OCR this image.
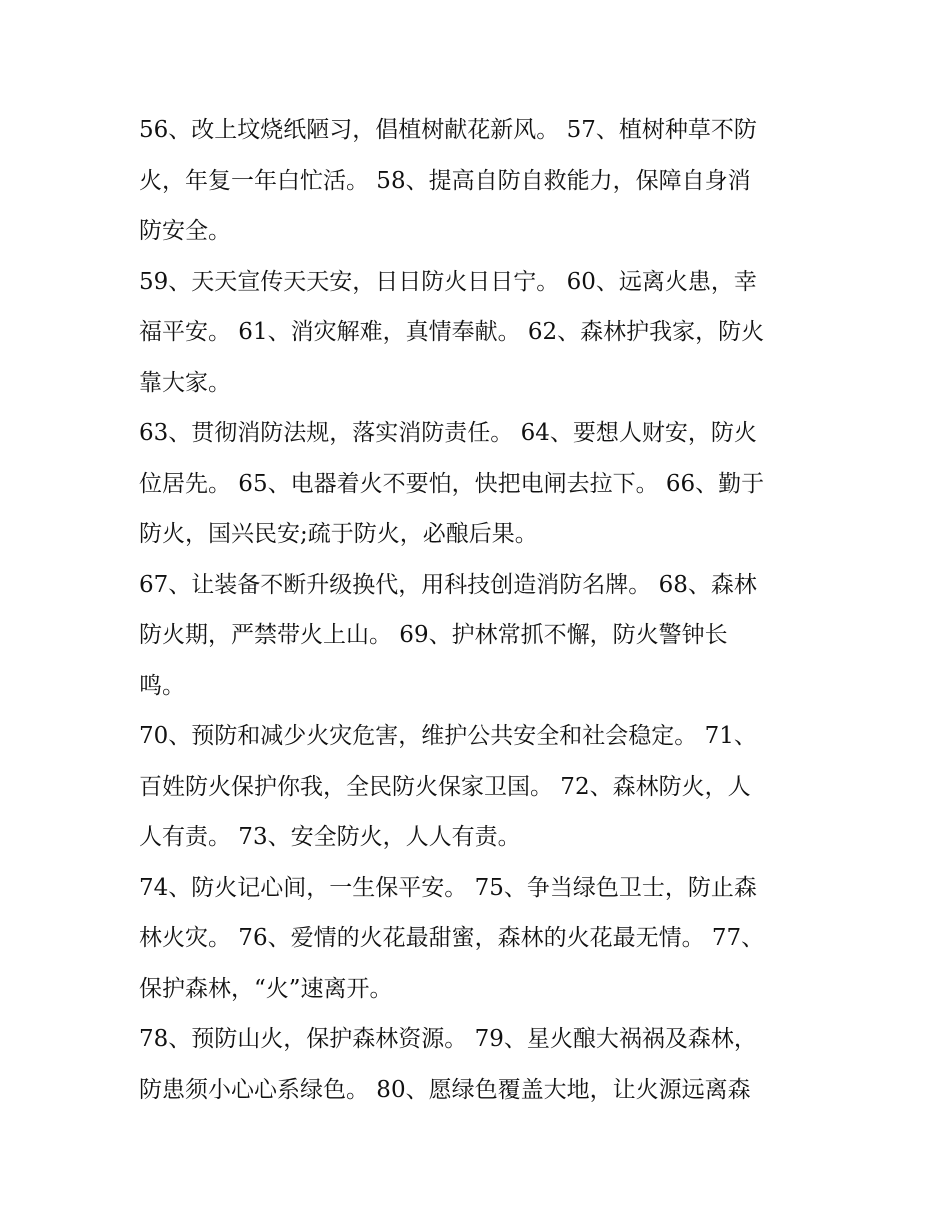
56、改上坟烧纸陋习，倡植树献花新风。 57、植树种草不防
火，年复一年白忙活。 58、提高自防自救能力，保障自身消
防安全。
59、天天宣传天天安，日日防火日日宁。 60、远离火患，幸
福平安。 61、消灾解难，真情奉献。 62、森林护我家，防火
靠大家。
63、贯彻消防法规，落实消防责任。 64、要想人财安，防火
位居先。 65、电器着火不要怕，快把电闸去拉下。 66、勤于
防火，国兴民安;疏于防火，必酿后果。
67、让装备不断升级换代，用科技创造消防名牌。 68、森林
防火期，严禁带火上山。 69、护林常抓不懈，防火警钟长
鸣。
70、预防和减少火灾危害，维护公共安全和社会稳定。 71、
百姓防火保护你我，全民防火保家卫国。 72、森林防火，人
人有责。 73、安全防火，人人有责。
74、防火记心间，一生保平安。 75、争当绿色卫士，防止森
林火灾。 76、爱情的火花最甜蜜，森林的火花最无情。 77、
保护森林，“火”速离开。
78、预防山火，保护森林资源。 79、星火酿大祸祸及森林，
防患须小心心系绿色。 80、愿绿色覆盖大地，让火源远离森
